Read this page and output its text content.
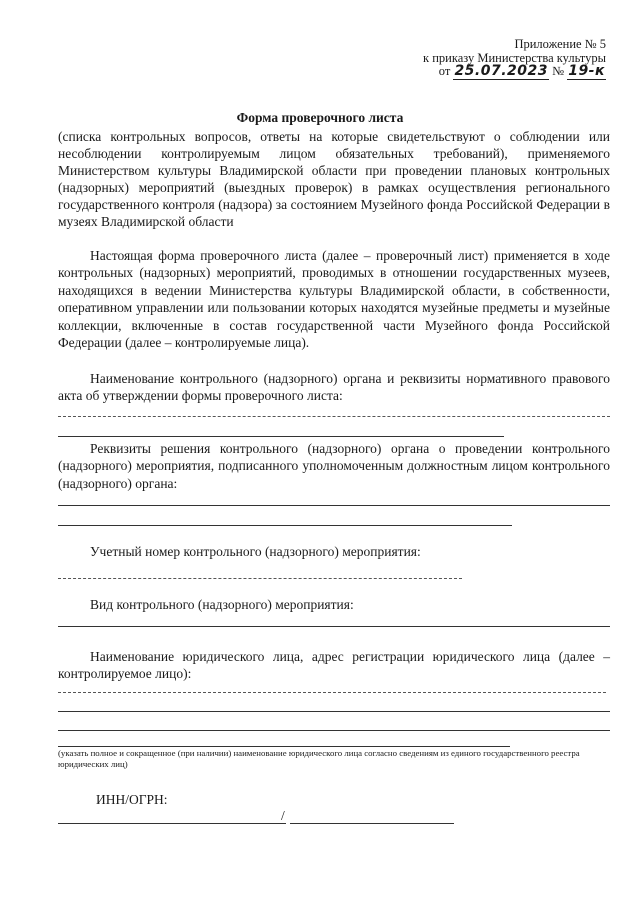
Приложение № 5
к приказу Министерства культуры
от 25.07.2023 № 19-к
Форма проверочного листа
(списка контрольных вопросов, ответы на которые свидетельствуют о соблюдении или несоблюдении контролируемым лицом обязательных требований), применяемого Министерством культуры Владимирской области при проведении плановых контрольных (надзорных) мероприятий (выездных проверок) в рамках осуществления регионального государственного контроля (надзора) за состоянием Музейного фонда Российской Федерации в музеях Владимирской области
Настоящая форма проверочного листа (далее – проверочный лист) применяется в ходе контрольных (надзорных) мероприятий, проводимых в отношении государственных музеев, находящихся в ведении Министерства культуры Владимирской области, в собственности, оперативном управлении или пользовании которых находятся музейные предметы и музейные коллекции, включенные в состав государственной части Музейного фонда Российской Федерации (далее – контролируемые лица).
Наименование контрольного (надзорного) органа и реквизиты нормативного правового акта об утверждении формы проверочного листа:
Реквизиты решения контрольного (надзорного) органа о проведении контрольного (надзорного) мероприятия, подписанного уполномоченным должностным лицом контрольного (надзорного) органа:
Учетный номер контрольного (надзорного) мероприятия:
Вид контрольного (надзорного) мероприятия:
Наименование юридического лица, адрес регистрации юридического лица (далее – контролируемое лицо):
(указать полное и сокращенное (при наличии) наименование юридического лица согласно сведениям из единого государственного реестра юридических лиц)
ИНН/ОГРН:
/
